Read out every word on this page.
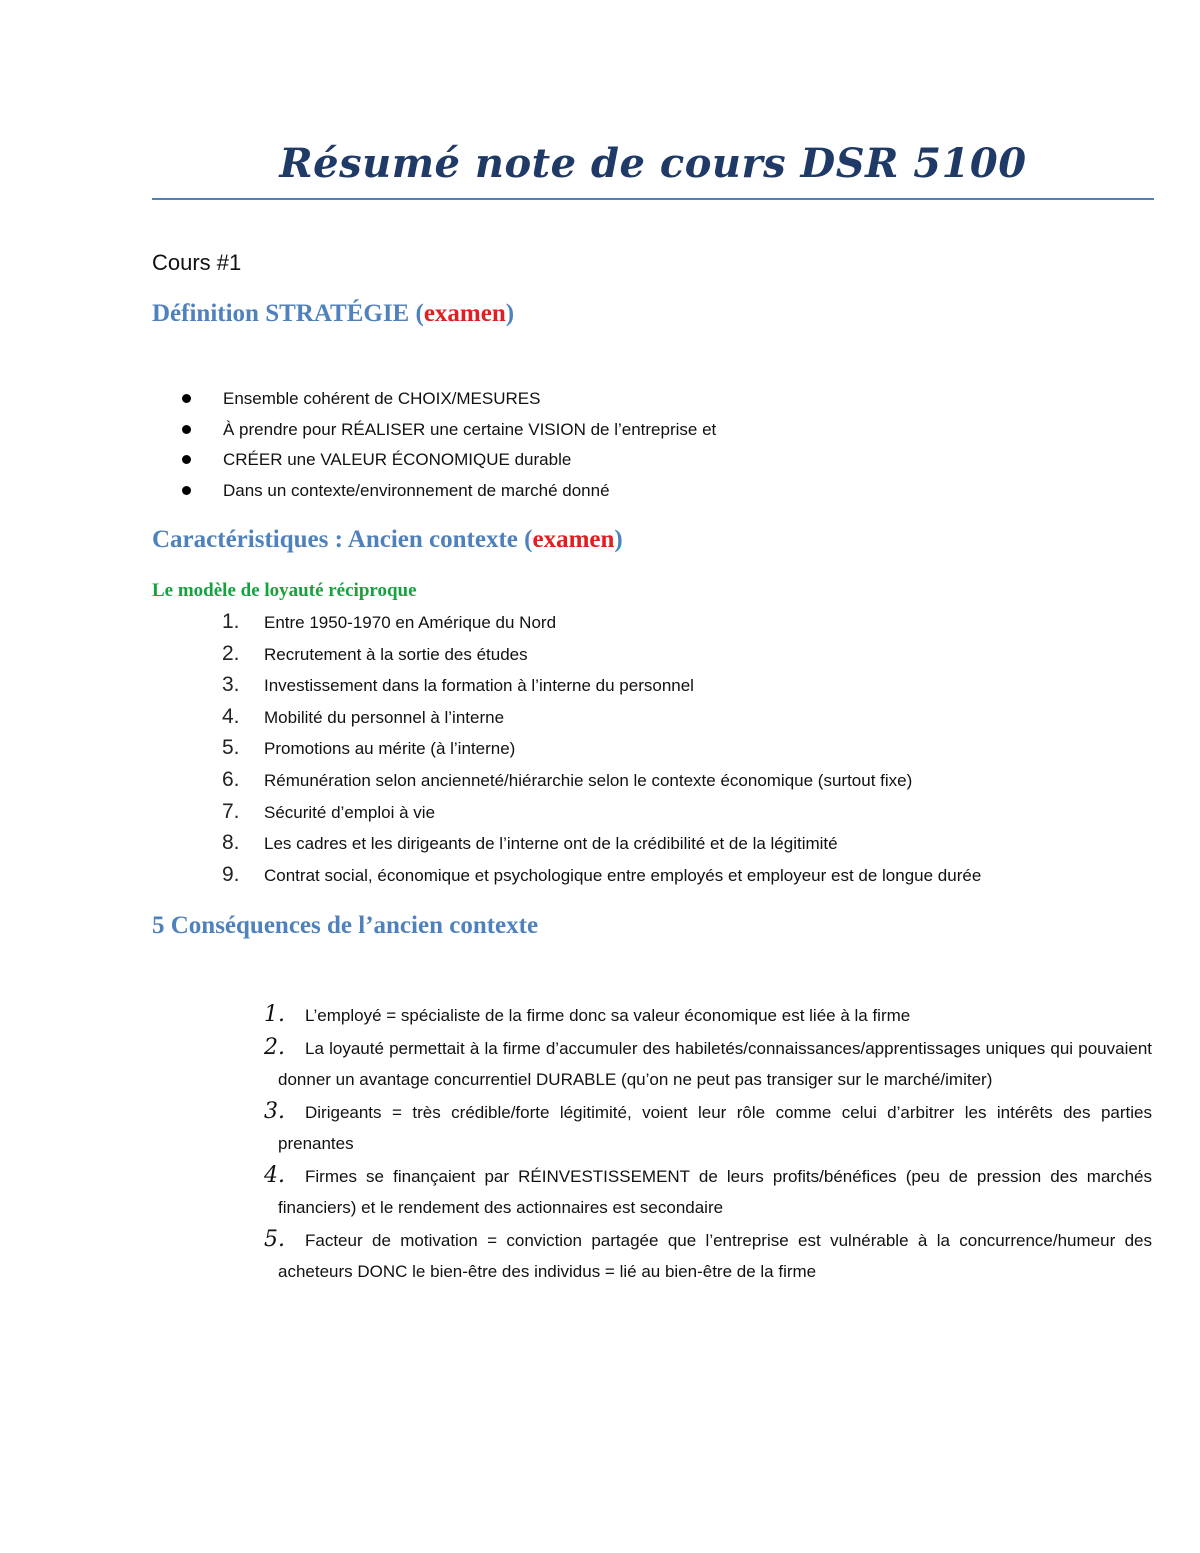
Résumé note de cours DSR 5100

Cours #1

Définition STRATÉGIE (examen)
Ensemble cohérent de CHOIX/MESURES
À prendre pour RÉALISER une certaine VISION de l’entreprise et
CRÉER une VALEUR ÉCONOMIQUE durable
Dans un contexte/environnement de marché donné
Caractéristiques : Ancien contexte (examen)
Le modèle de loyauté réciproque
1. Entre 1950-1970 en Amérique du Nord
2. Recrutement à la sortie des études
3. Investissement dans la formation à l’interne du personnel
4. Mobilité du personnel à l’interne
5. Promotions au mérite (à l’interne)
6. Rémunération selon ancienneté/hiérarchie selon le contexte économique (surtout fixe)
7. Sécurité d’emploi à vie
8. Les cadres et les dirigeants de l’interne ont de la crédibilité et de la légitimité
9. Contrat social, économique et psychologique entre employés et employeur est de longue durée
5 Conséquences de l’ancien contexte
1. L’employé = spécialiste de la firme donc sa valeur économique est liée à la firme
2. La loyauté permettait à la firme d’accumuler des habiletés/connaissances/apprentissages uniques qui pouvaient donner un avantage concurrentiel DURABLE (qu’on ne peut pas transiger sur le marché/imiter)
3. Dirigeants = très crédible/forte légitimité, voient leur rôle comme celui d’arbitrer les intérêts des parties prenantes
4. Firmes se finançaient par RÉINVESTISSEMENT de leurs profits/bénéfices (peu de pression des marchés financiers) et le rendement des actionnaires est secondaire
5. Facteur de motivation = conviction partagée que l’entreprise est vulnérable à la concurrence/humeur des acheteurs DONC le bien-être des individus = lié au bien-être de la firme
